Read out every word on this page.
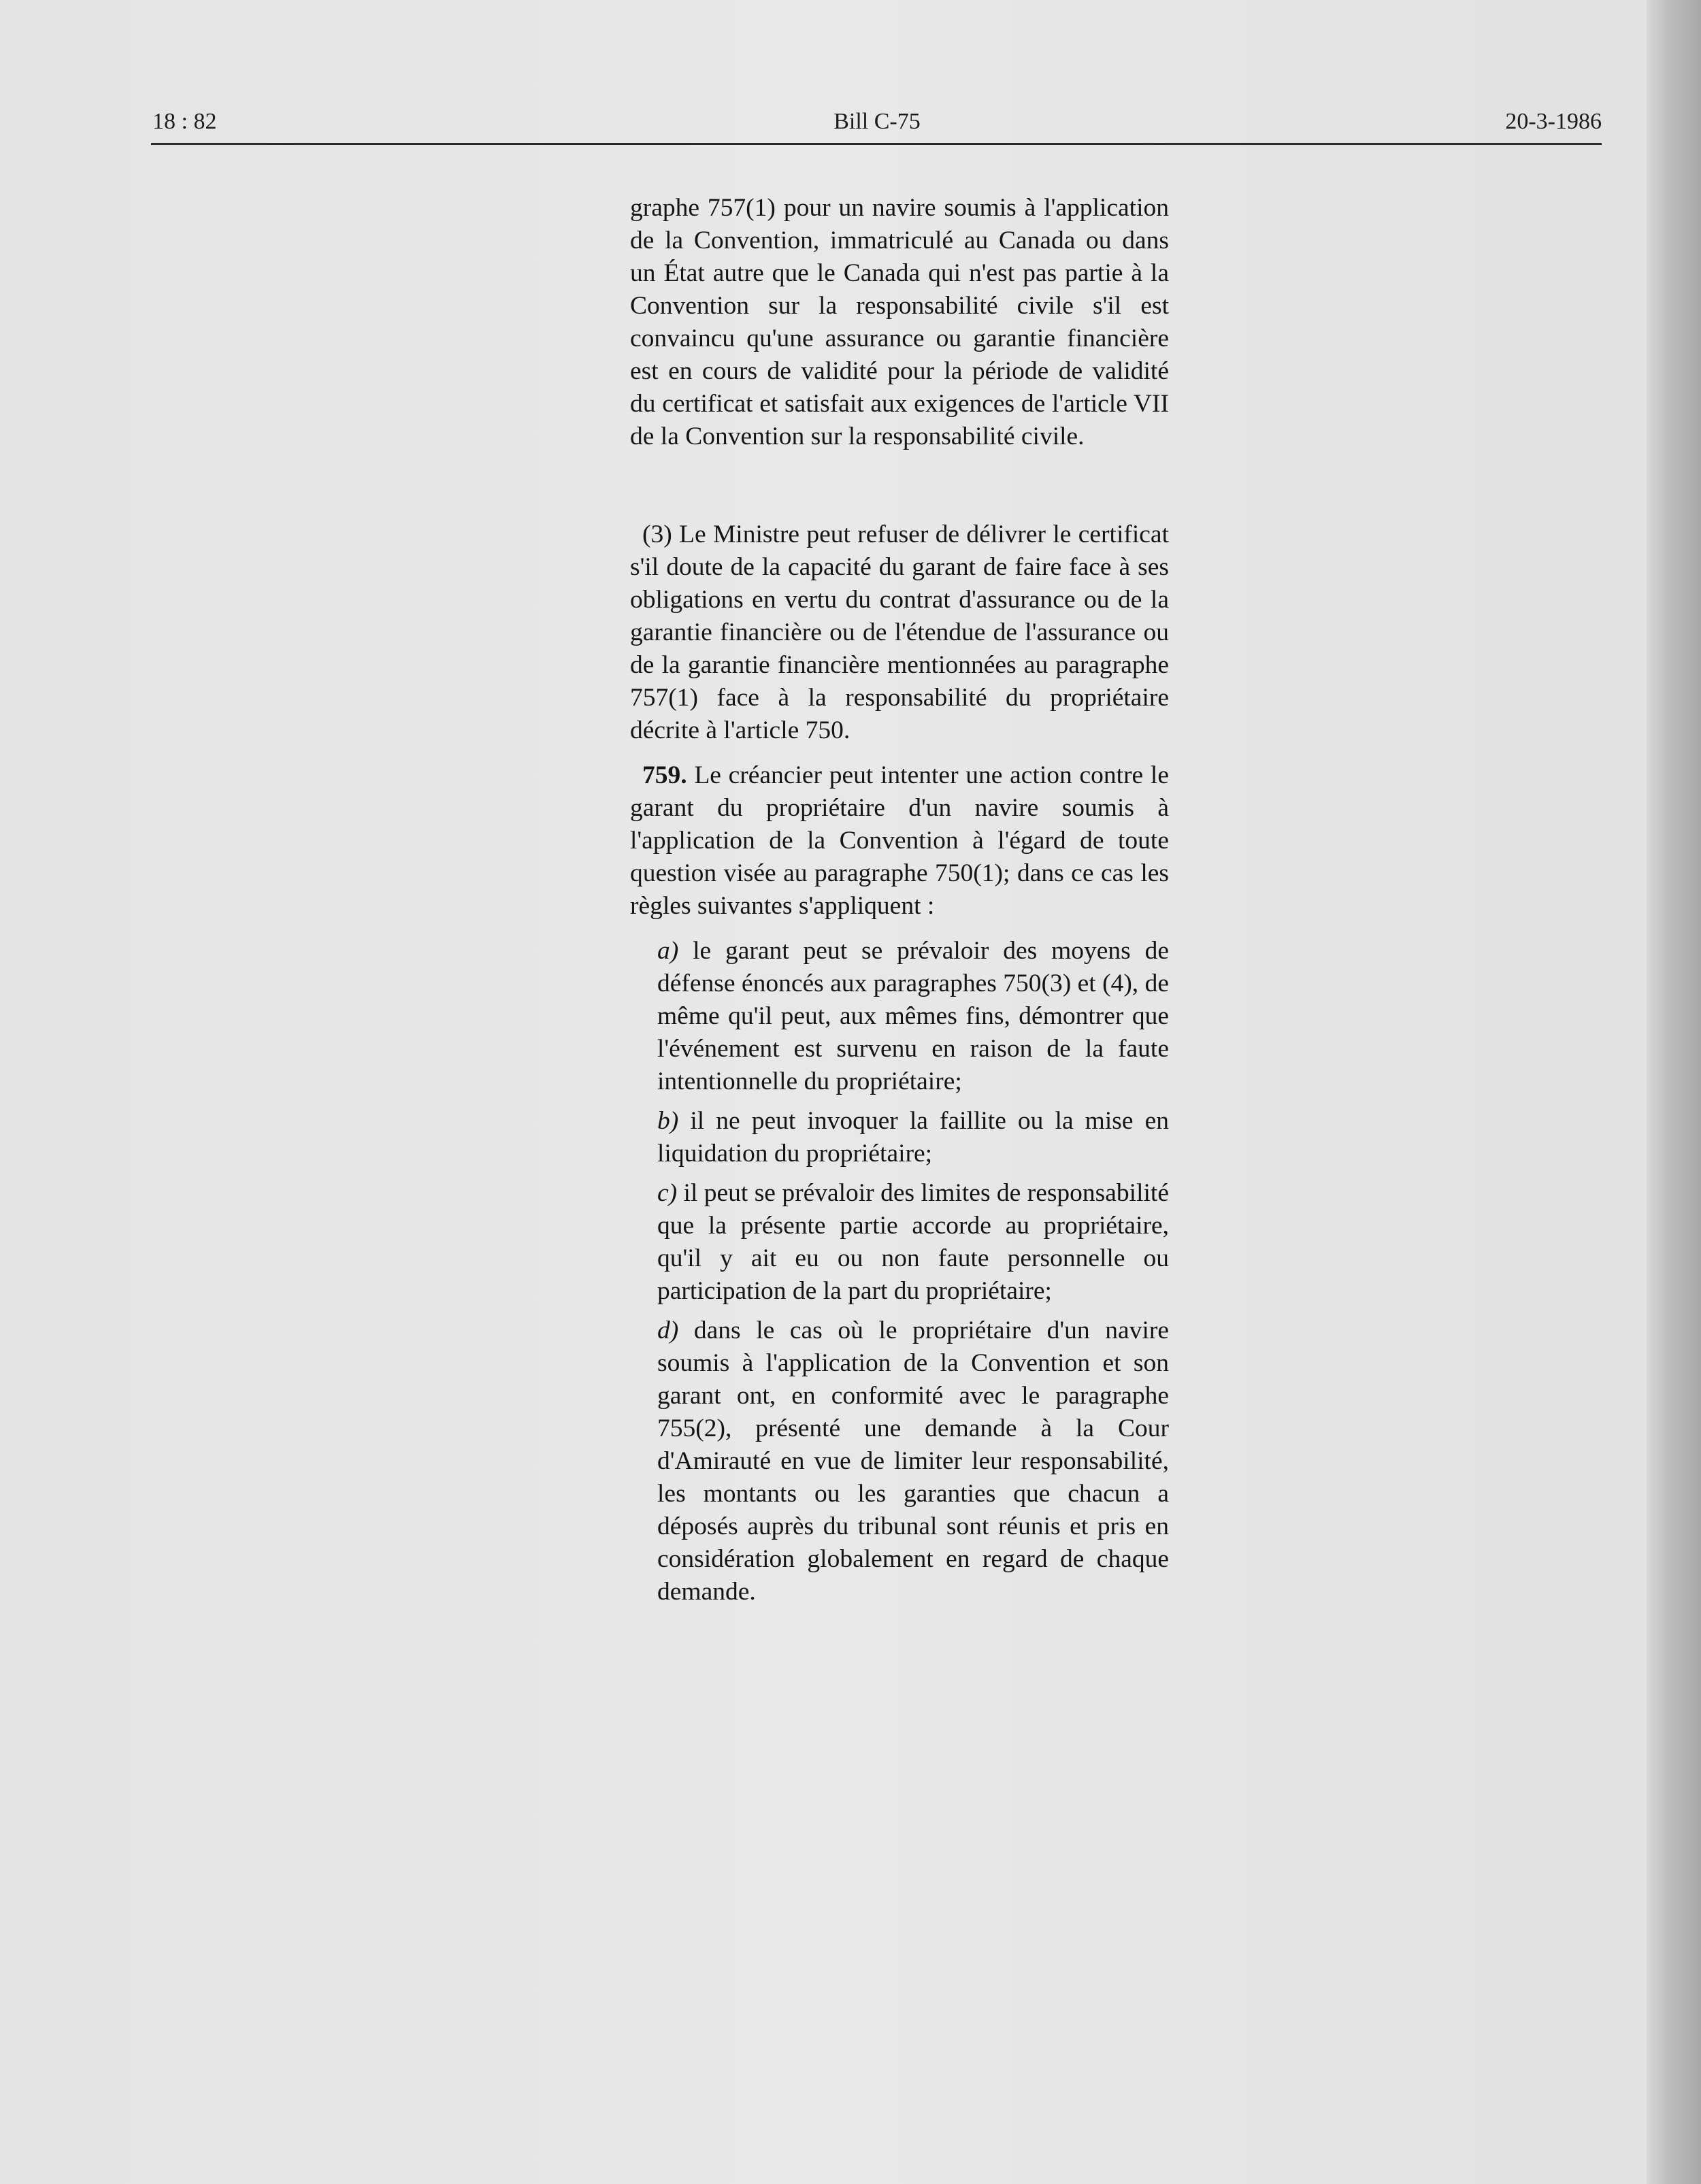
18 : 82	Bill C-75	20-3-1986

graphe 757(1) pour un navire soumis à l'application de la Convention, immatriculé au Canada ou dans un État autre que le Canada qui n'est pas partie à la Convention sur la responsabilité civile s'il est convaincu qu'une assurance ou garantie financière est en cours de validité pour la période de validité du certificat et satisfait aux exigences de l'article VII de la Convention sur la responsabilité civile.

(3) Le Ministre peut refuser de délivrer le certificat s'il doute de la capacité du garant de faire face à ses obligations en vertu du contrat d'assurance ou de la garantie financière ou de l'étendue de l'assurance ou de la garantie financière mentionnées au paragraphe 757(1) face à la responsabilité du propriétaire décrite à l'article 750.

759. Le créancier peut intenter une action contre le garant du propriétaire d'un navire soumis à l'application de la Convention à l'égard de toute question visée au paragraphe 750(1); dans ce cas les règles suivantes s'appliquent :

a) le garant peut se prévaloir des moyens de défense énoncés aux paragraphes 750(3) et (4), de même qu'il peut, aux mêmes fins, démontrer que l'événement est survenu en raison de la faute intentionnelle du propriétaire;

b) il ne peut invoquer la faillite ou la mise en liquidation du propriétaire;

c) il peut se prévaloir des limites de responsabilité que la présente partie accorde au propriétaire, qu'il y ait eu ou non faute personnelle ou participation de la part du propriétaire;

d) dans le cas où le propriétaire d'un navire soumis à l'application de la Convention et son garant ont, en conformité avec le paragraphe 755(2), présenté une demande à la Cour d'Amirauté en vue de limiter leur responsabilité, les montants ou les garanties que chacun a déposés auprès du tribunal sont réunis et pris en considération globalement en regard de chaque demande.
